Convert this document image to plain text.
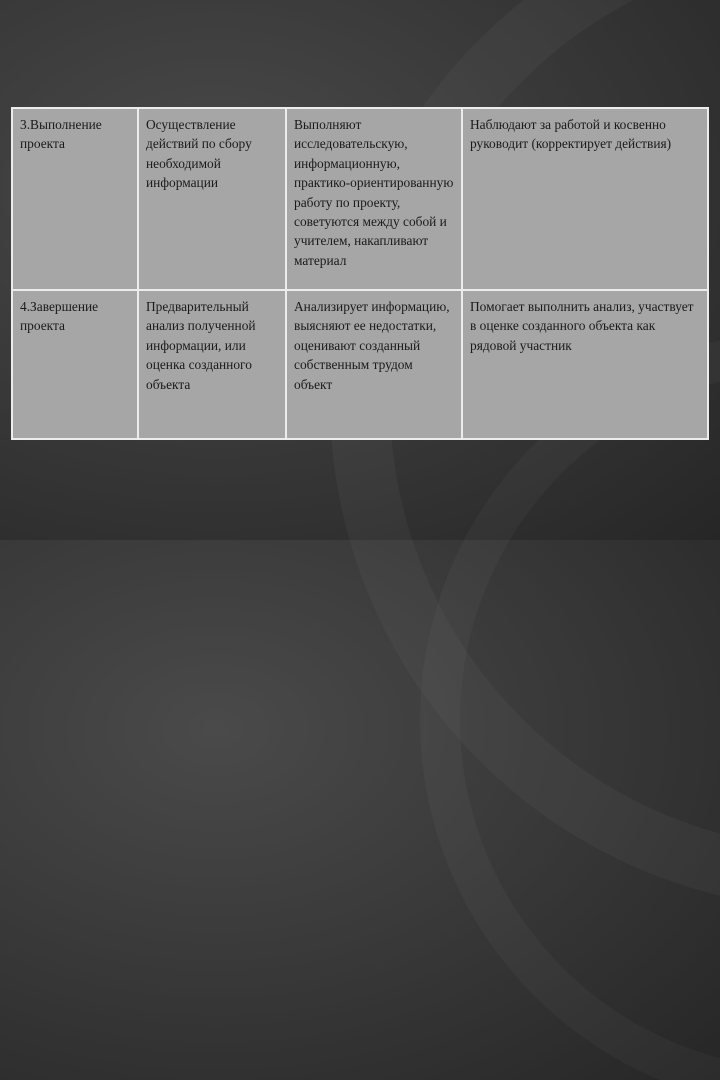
3.Выполнение проекта	Осуществление действий по сбору необходимой информации	Выполняют исследовательскую, информационную, практико-ориентированную работу по проекту, советуются между собой и учителем, накапливают материал	Наблюдают за работой и косвенно руководит (корректирует действия)
4.Завершение проекта	Предварительный анализ полученной информации, или оценка созданного объекта	Анализирует информацию, выясняют ее недостатки, оценивают созданный собственным трудом объект	Помогает выполнить анализ, участвует в оценке созданного объекта как рядовой участник
